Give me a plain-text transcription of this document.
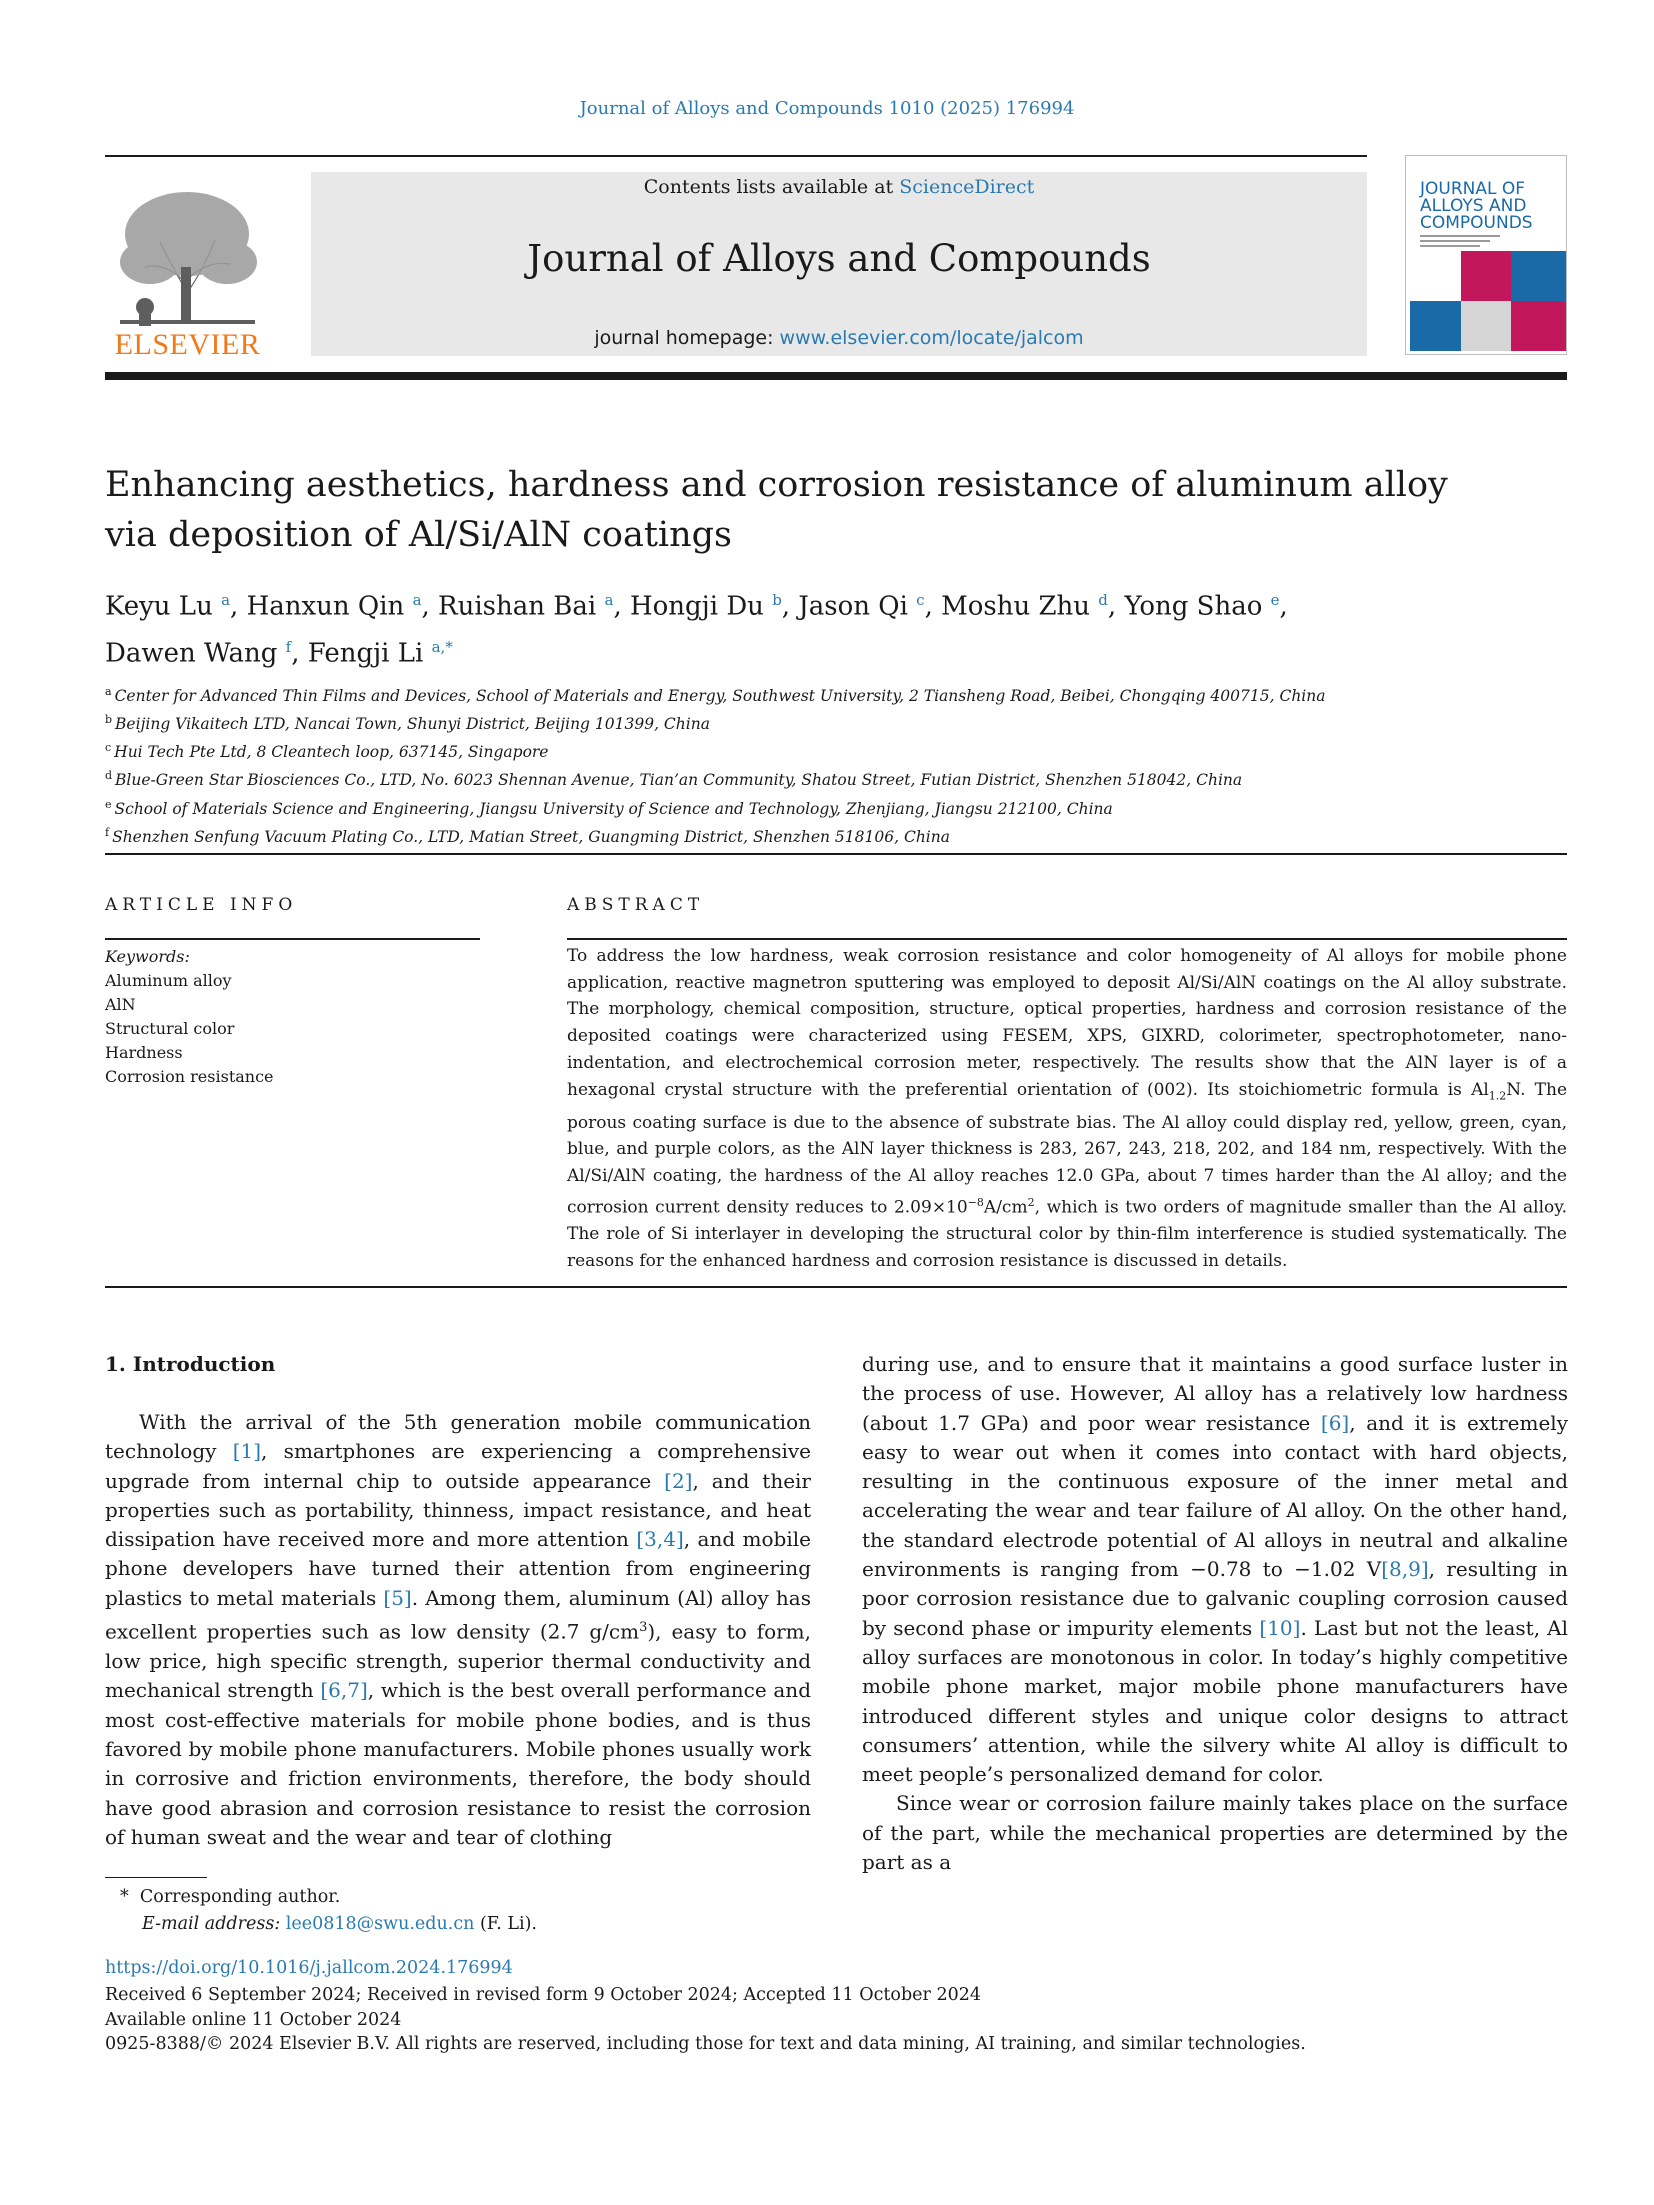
Journal of Alloys and Compounds 1010 (2025) 176994
ELSEVIER
Contents lists available at ScienceDirect
Journal of Alloys and Compounds
journal homepage: www.elsevier.com/locate/jalcom
JOURNAL OF ALLOYS AND COMPOUNDS
Enhancing aesthetics, hardness and corrosion resistance of aluminum alloy
via deposition of Al/Si/AlN coatings
Keyu Lu $^a$, Hanxun Qin $^a$, Ruishan Bai $^a$, Hongji Du $^b$, Jason Qi $^c$, Moshu Zhu $^d$, Yong Shao $^e$,
Dawen Wang $^f$, Fengji Li $^{a,*}$
$^a$ Center for Advanced Thin Films and Devices, School of Materials and Energy, Southwest University, 2 Tiansheng Road, Beibei, Chongqing 400715, China
$^b$ Beijing Vikaitech LTD, Nancai Town, Shunyi District, Beijing 101399, China
$^c$ Hui Tech Pte Ltd, 8 Cleantech loop, 637145, Singapore
$^d$ Blue-Green Star Biosciences Co., LTD, No. 6023 Shennan Avenue, Tian’an Community, Shatou Street, Futian District, Shenzhen 518042, China
$^e$ School of Materials Science and Engineering, Jiangsu University of Science and Technology, Zhenjiang, Jiangsu 212100, China
$^f$ Shenzhen Senfung Vacuum Plating Co., LTD, Matian Street, Guangming District, Shenzhen 518106, China
ARTICLE INFO
Keywords:
Aluminum alloy
AlN
Structural color
Hardness
Corrosion resistance
ABSTRACT
To address the low hardness, weak corrosion resistance and color homogeneity of Al alloys for mobile phone application, reactive magnetron sputtering was employed to deposit Al/Si/AlN coatings on the Al alloy substrate. The morphology, chemical composition, structure, optical properties, hardness and corrosion resistance of the deposited coatings were characterized using FESEM, XPS, GIXRD, colorimeter, spectrophotometer, nano-indentation, and electrochemical corrosion meter, respectively. The results show that the AlN layer is of a hexagonal crystal structure with the preferential orientation of (002). Its stoichiometric formula is $Al_{1.2}N$. The porous coating surface is due to the absence of substrate bias. The Al alloy could display red, yellow, green, cyan, blue, and purple colors, as the AlN layer thickness is 283, 267, 243, 218, 202, and 184 nm, respectively. With the Al/Si/AlN coating, the hardness of the Al alloy reaches 12.0 GPa, about 7 times harder than the Al alloy; and the corrosion current density reduces to $2.09\times 10^{-8}A/cm^2$, which is two orders of magnitude smaller than the Al alloy. The role of Si interlayer in developing the structural color by thin-film interference is studied systematically. The reasons for the enhanced hardness and corrosion resistance is discussed in details.
1. Introduction

With the arrival of the 5th generation mobile communication technology [1], smartphones are experiencing a comprehensive upgrade from internal chip to outside appearance [2], and their properties such as portability, thinness, impact resistance, and heat dissipation have received more and more attention [3,4], and mobile phone developers have turned their attention from engineering plastics to metal materials [5]. Among them, aluminum (Al) alloy has excellent properties such as low density (2.7 $g/cm^3$), easy to form, low price, high specific strength, superior thermal conductivity and mechanical strength [6,7], which is the best overall performance and most cost-effective materials for mobile phone bodies, and is thus favored by mobile phone manufacturers. Mobile phones usually work in corrosive and friction environments, therefore, the body should have good abrasion and corrosion resistance to resist the corrosion of human sweat and the wear and tear of clothing

during use, and to ensure that it maintains a good surface luster in the process of use. However, Al alloy has a relatively low hardness (about 1.7 GPa) and poor wear resistance [6], and it is extremely easy to wear out when it comes into contact with hard objects, resulting in the continuous exposure of the inner metal and accelerating the wear and tear failure of Al alloy. On the other hand, the standard electrode potential of Al alloys in neutral and alkaline environments is ranging from −0.78 to −1.02 V[8,9], resulting in poor corrosion resistance due to galvanic coupling corrosion caused by second phase or impurity elements [10]. Last but not the least, Al alloy surfaces are monotonous in color. In today’s highly competitive mobile phone market, major mobile phone manufacturers have introduced different styles and unique color designs to attract consumers’ attention, while the silvery white Al alloy is difficult to meet people’s personalized demand for color.

Since wear or corrosion failure mainly takes place on the surface of the part, while the mechanical properties are determined by the part as a

* Corresponding author.
E-mail address: lee0818@swu.edu.cn (F. Li).
https://doi.org/10.1016/j.jallcom.2024.176994
Received 6 September 2024; Received in revised form 9 October 2024; Accepted 11 October 2024
Available online 11 October 2024
0925-8388/© 2024 Elsevier B.V. All rights are reserved, including those for text and data mining, AI training, and similar technologies.
